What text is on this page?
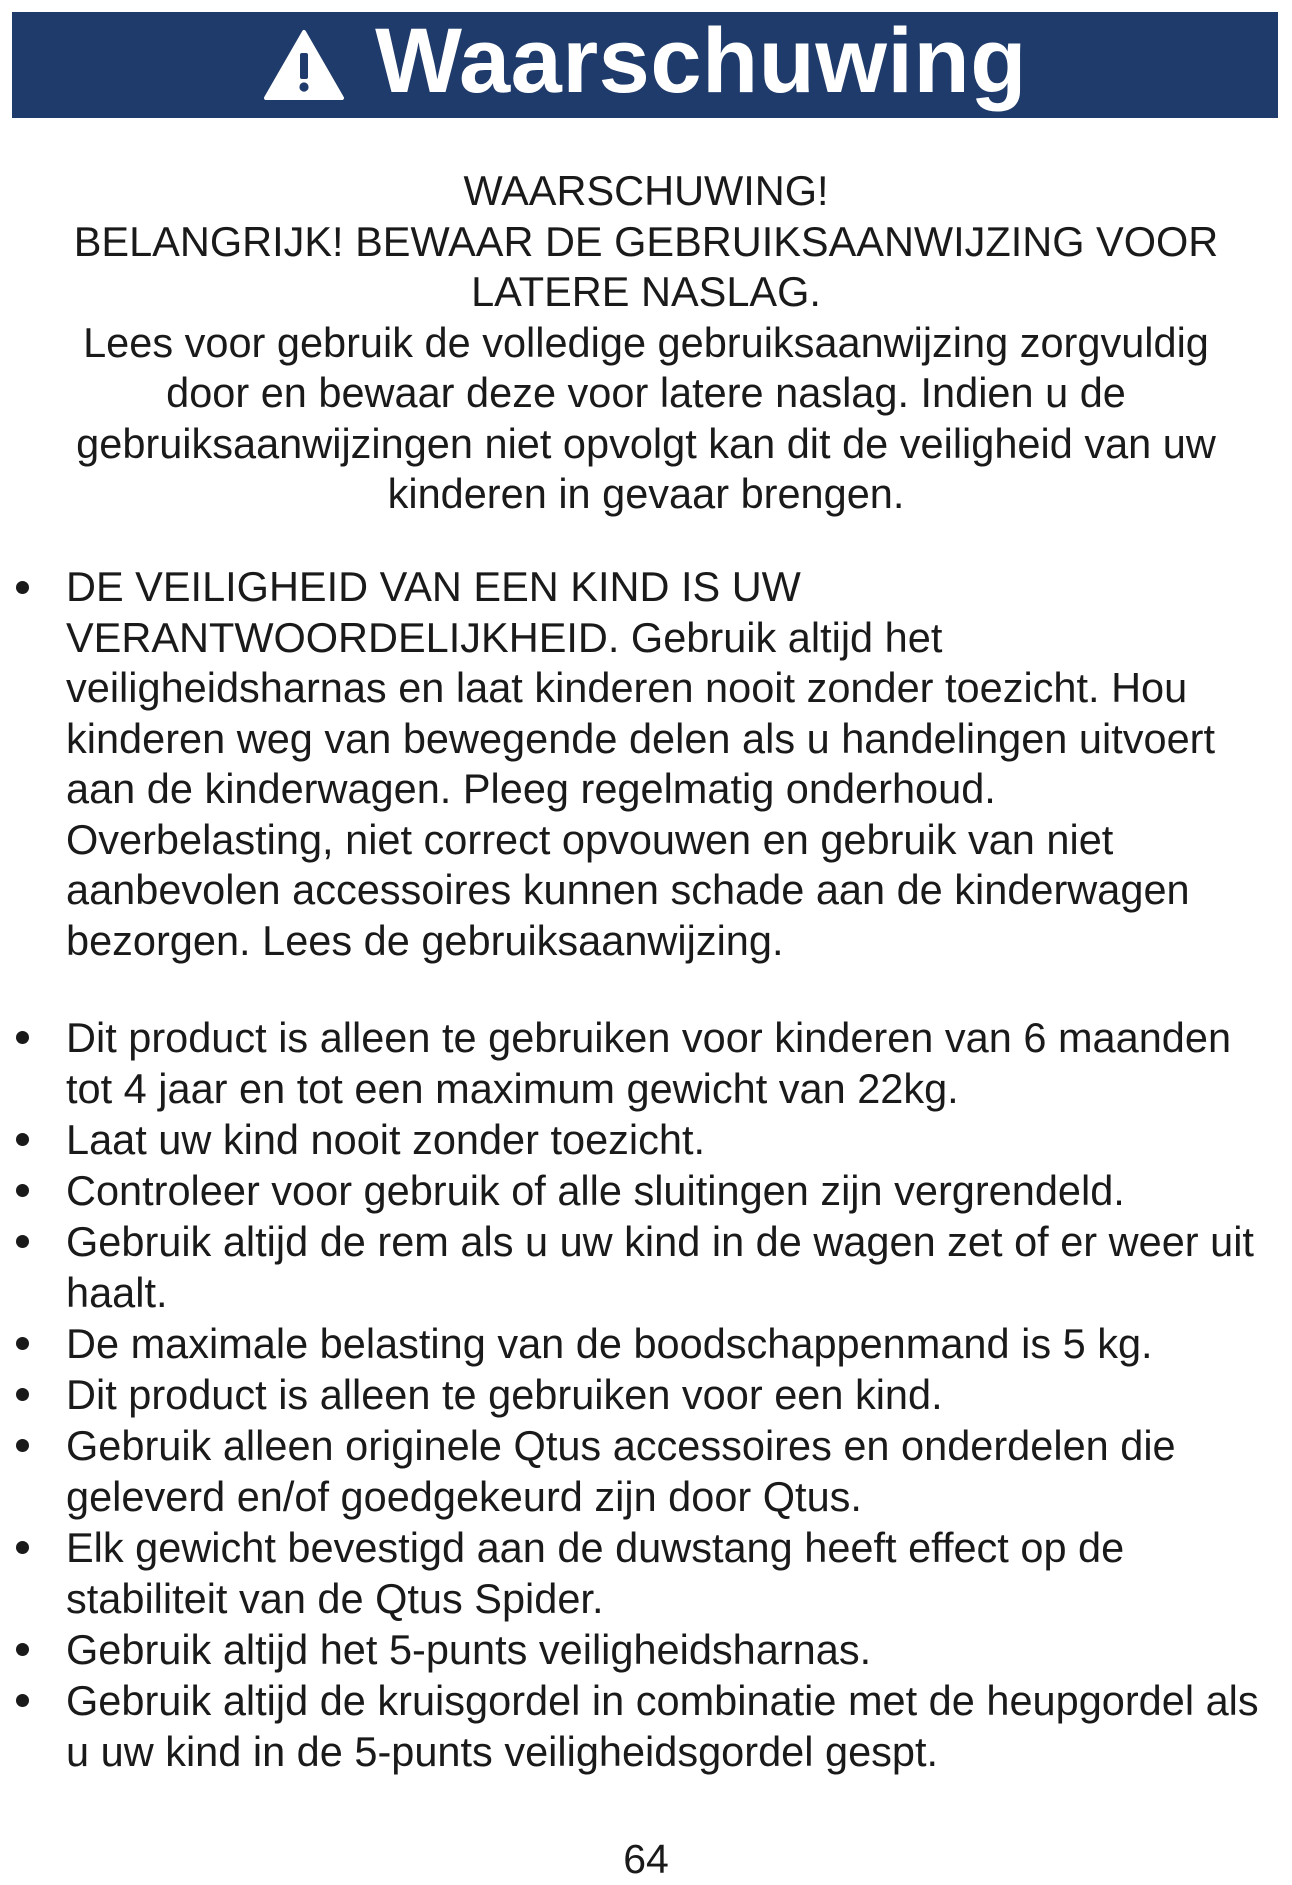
Waarschuwing

WAARSCHUWING!

BELANGRIJK! BEWAAR DE GEBRUIKSAANWIJZING VOOR

LATERE NASLAG.

Lees voor gebruik de volledige gebruiksaanwijzing zorgvuldig

door en bewaar deze voor latere naslag. Indien u de

gebruiksaanwijzingen niet opvolgt kan dit de veiligheid van uw

kinderen in gevaar brengen.

DE VEILIGHEID VAN EEN KIND IS UW VERANTWOORDELIJKHEID. Gebruik altijd het veiligheidsharnas en laat kinderen nooit zonder toezicht. Hou kinderen weg van bewegende delen als u handelingen uitvoert aan de kinderwagen. Pleeg regelmatig onderhoud. Overbelasting, niet correct opvouwen en gebruik van niet aanbevolen accessoires kunnen schade aan de kinderwagen bezorgen. Lees de gebruiksaanwijzing.
Dit product is alleen te gebruiken voor kinderen van 6 maanden tot 4 jaar en tot een maximum gewicht van 22kg.
Laat uw kind nooit zonder toezicht.
Controleer voor gebruik of alle sluitingen zijn vergrendeld.
Gebruik altijd de rem als u uw kind in de wagen zet of er weer uit haalt.
De maximale belasting van de boodschappenmand is 5 kg.
Dit product is alleen te gebruiken voor een kind.
Gebruik alleen originele Qtus accessoires en onderdelen die geleverd en/of goedgekeurd zijn door Qtus.
Elk gewicht bevestigd aan de duwstang heeft effect op de stabiliteit van de Qtus Spider.
Gebruik altijd het 5-punts veiligheidsharnas.
Gebruik altijd de kruisgordel in combinatie met de heupgordel als u uw kind in de 5-punts veiligheidsgordel gespt.
64
